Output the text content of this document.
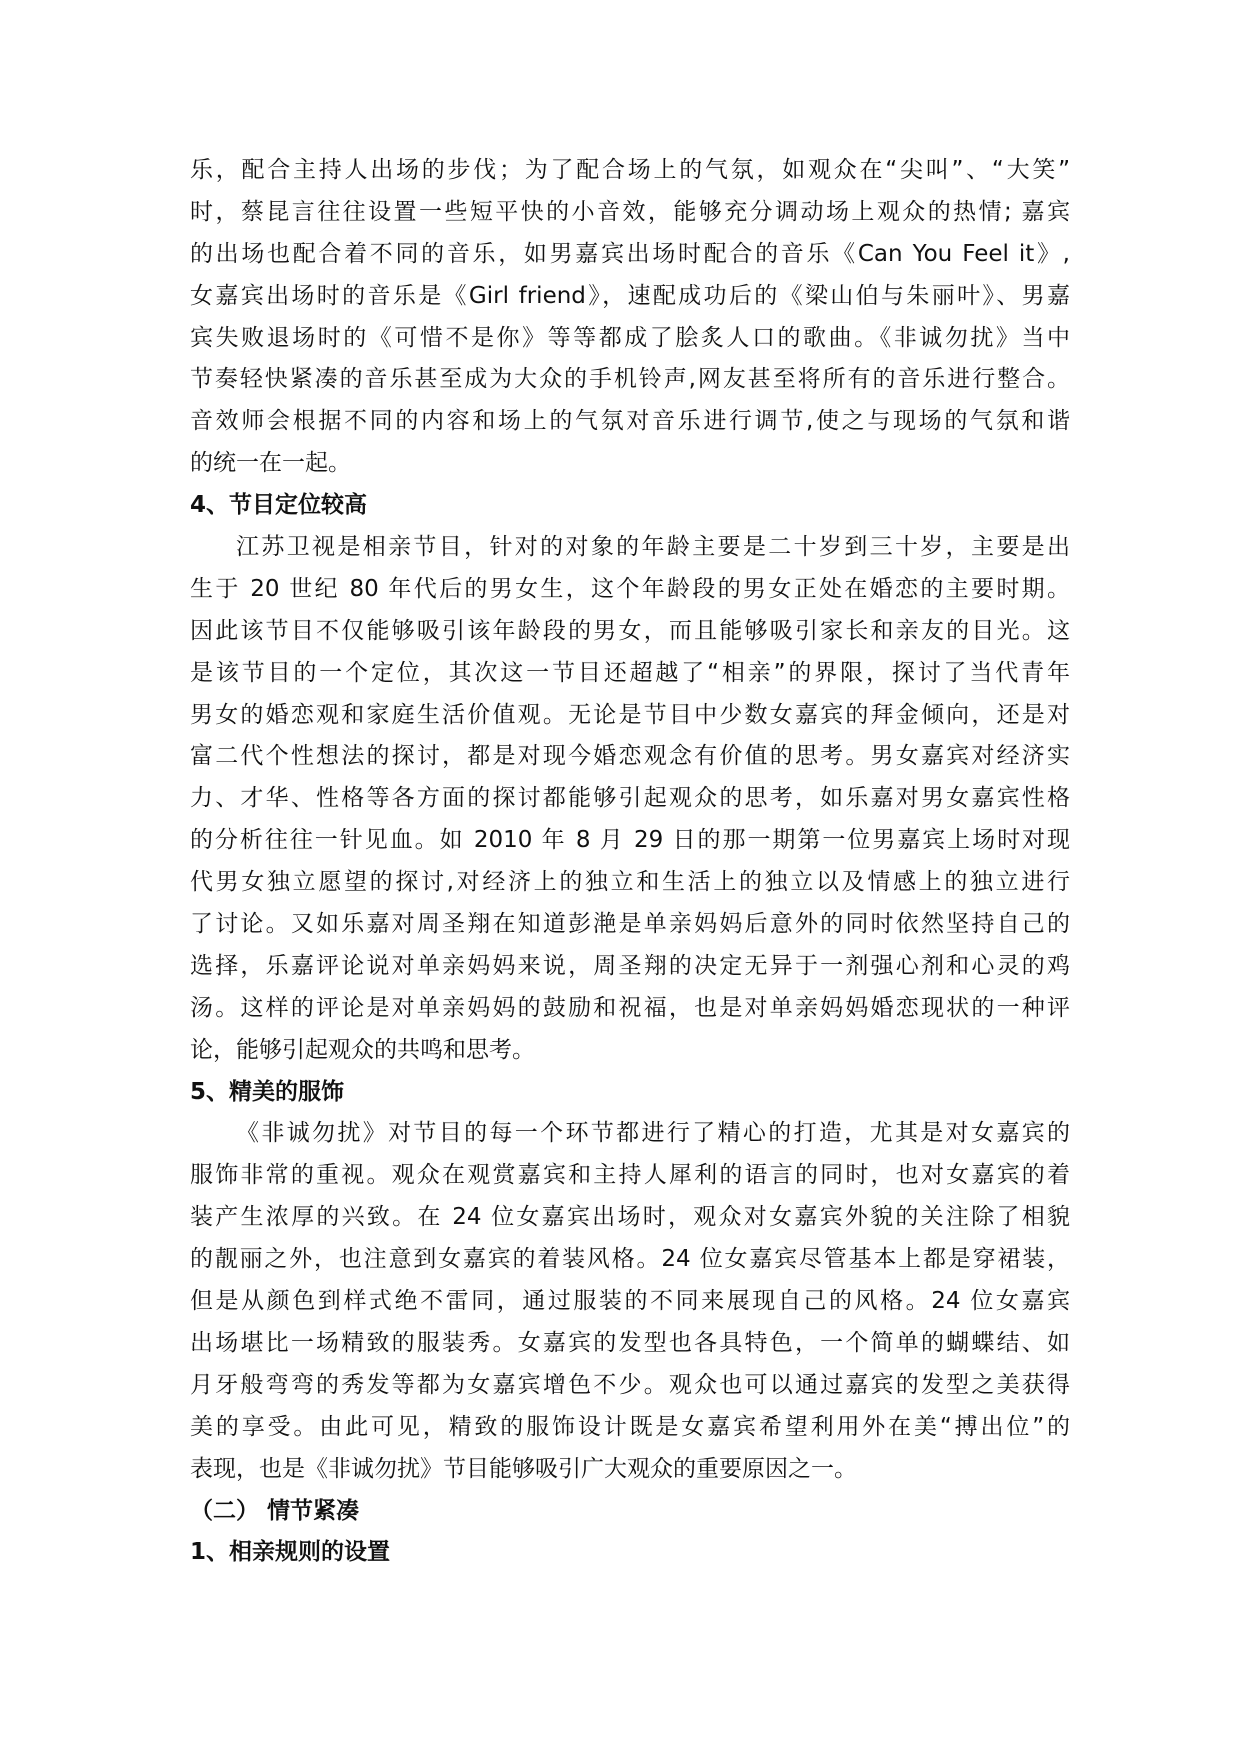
乐，配合主持人出场的步伐；为了配合场上的气氛，如观众在“尖叫”、“大笑”
时，蔡昆言往往设置一些短平快的小音效，能够充分调动场上观众的热情; 嘉宾
的出场也配合着不同的音乐，如男嘉宾出场时配合的音乐《Can You Feel it》,
女嘉宾出场时的音乐是《Girl friend》，速配成功后的《梁山伯与朱丽叶》、男嘉
宾失败退场时的《可惜不是你》等等都成了脍炙人口的歌曲。《非诚勿扰》当中
节奏轻快紧凑的音乐甚至成为大众的手机铃声,网友甚至将所有的音乐进行整合。
音效师会根据不同的内容和场上的气氛对音乐进行调节,使之与现场的气氛和谐
的统一在一起。
4、节目定位较高
江苏卫视是相亲节目，针对的对象的年龄主要是二十岁到三十岁，主要是出
生于 20 世纪 80 年代后的男女生，这个年龄段的男女正处在婚恋的主要时期。
因此该节目不仅能够吸引该年龄段的男女，而且能够吸引家长和亲友的目光。这
是该节目的一个定位，其次这一节目还超越了“相亲”的界限，探讨了当代青年
男女的婚恋观和家庭生活价值观。无论是节目中少数女嘉宾的拜金倾向，还是对
富二代个性想法的探讨，都是对现今婚恋观念有价值的思考。男女嘉宾对经济实
力、才华、性格等各方面的探讨都能够引起观众的思考，如乐嘉对男女嘉宾性格
的分析往往一针见血。如 2010 年 8 月 29 日的那一期第一位男嘉宾上场时对现
代男女独立愿望的探讨,对经济上的独立和生活上的独立以及情感上的独立进行
了讨论。又如乐嘉对周圣翔在知道彭滟是单亲妈妈后意外的同时依然坚持自己的
选择，乐嘉评论说对单亲妈妈来说，周圣翔的决定无异于一剂强心剂和心灵的鸡
汤。这样的评论是对单亲妈妈的鼓励和祝福，也是对单亲妈妈婚恋现状的一种评
论，能够引起观众的共鸣和思考。
5、精美的服饰
《非诚勿扰》对节目的每一个环节都进行了精心的打造，尤其是对女嘉宾的
服饰非常的重视。观众在观赏嘉宾和主持人犀利的语言的同时，也对女嘉宾的着
装产生浓厚的兴致。在 24 位女嘉宾出场时，观众对女嘉宾外貌的关注除了相貌
的靓丽之外，也注意到女嘉宾的着装风格。24 位女嘉宾尽管基本上都是穿裙装，
但是从颜色到样式绝不雷同，通过服装的不同来展现自己的风格。24 位女嘉宾
出场堪比一场精致的服装秀。女嘉宾的发型也各具特色，一个简单的蝴蝶结、如
月牙般弯弯的秀发等都为女嘉宾增色不少。观众也可以通过嘉宾的发型之美获得
美的享受。由此可见，精致的服饰设计既是女嘉宾希望利用外在美“搏出位”的
表现，也是《非诚勿扰》节目能够吸引广大观众的重要原因之一。
（二） 情节紧凑
1、相亲规则的设置
